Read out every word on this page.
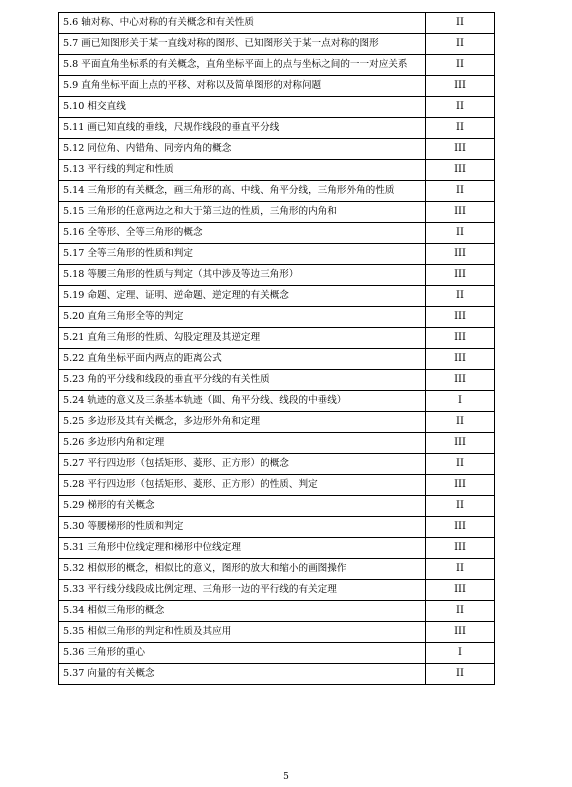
5.6 轴对称、中心对称的有关概念和有关性质	II
5.7 画已知图形关于某一直线对称的图形、已知图形关于某一点对称的图形	II
5.8 平面直角坐标系的有关概念，直角坐标平面上的点与坐标之间的一一对应关系	II
5.9 直角坐标平面上点的平移、对称以及简单图形的对称问题	III
5.10 相交直线	II
5.11 画已知直线的垂线，尺规作线段的垂直平分线	II
5.12 同位角、内错角、同旁内角的概念	III
5.13 平行线的判定和性质	III
5.14 三角形的有关概念，画三角形的高、中线、角平分线，三角形外角的性质	II
5.15 三角形的任意两边之和大于第三边的性质，三角形的内角和	III
5.16 全等形、全等三角形的概念	II
5.17 全等三角形的性质和判定	III
5.18 等腰三角形的性质与判定（其中涉及等边三角形）	III
5.19 命题、定理、证明、逆命题、逆定理的有关概念	II
5.20 直角三角形全等的判定	III
5.21 直角三角形的性质、勾股定理及其逆定理	III
5.22 直角坐标平面内两点的距离公式	III
5.23 角的平分线和线段的垂直平分线的有关性质	III
5.24 轨迹的意义及三条基本轨迹（圆、角平分线、线段的中垂线）	I
5.25 多边形及其有关概念，多边形外角和定理	II
5.26 多边形内角和定理	III
5.27 平行四边形（包括矩形、菱形、正方形）的概念	II
5.28 平行四边形（包括矩形、菱形、正方形）的性质、判定	III
5.29 梯形的有关概念	II
5.30 等腰梯形的性质和判定	III
5.31 三角形中位线定理和梯形中位线定理	III
5.32 相似形的概念，相似比的意义，图形的放大和缩小的画图操作	II
5.33 平行线分线段成比例定理、三角形一边的平行线的有关定理	III
5.34 相似三角形的概念	II
5.35 相似三角形的判定和性质及其应用	III
5.36 三角形的重心	I
5.37 向量的有关概念	II
5
